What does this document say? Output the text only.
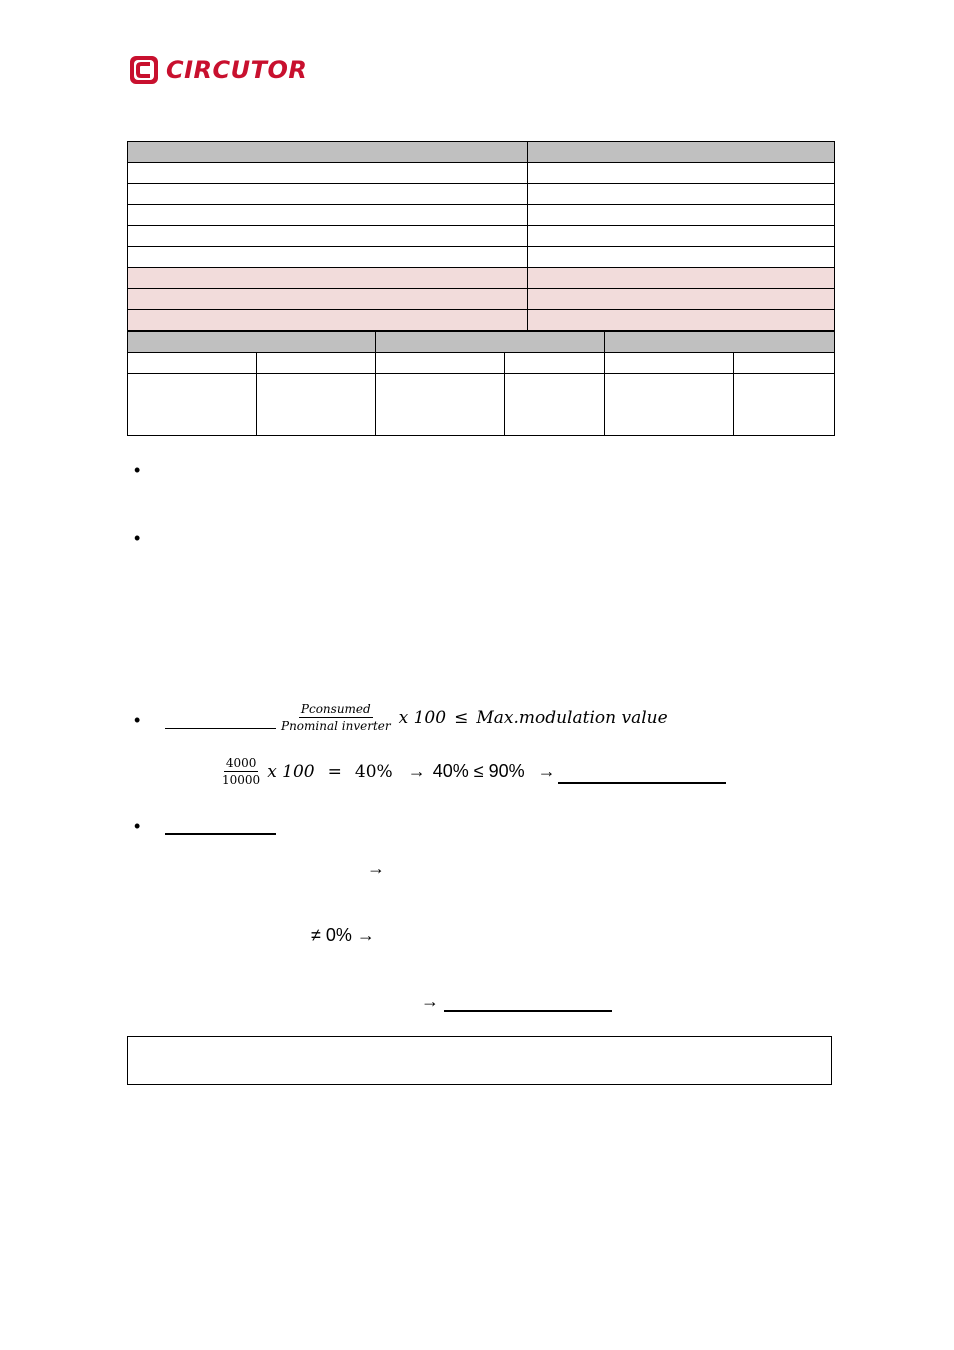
CIRCUTOR

•
•
•
•
$\frac{\text{Pconsumed}}{\text{Pnominal inverter}}$ x 100 ≤ Max.modulation value
$\frac{4000}{10000}$ x 100 = 40% → 40% ≤ 90% →
→
≠ 0% →
→
